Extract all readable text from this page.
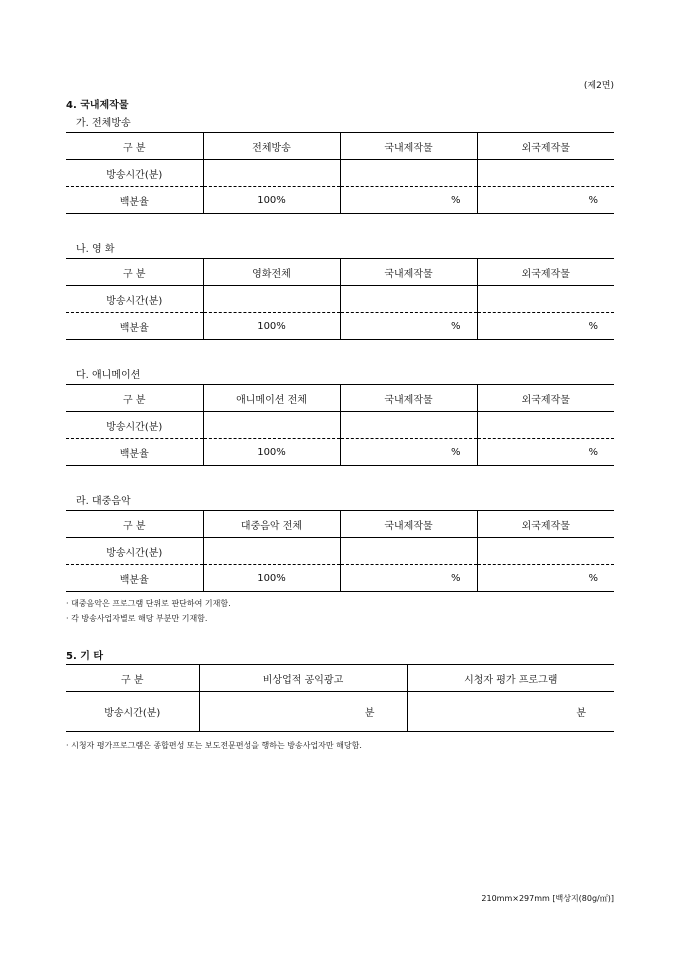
(제2면)
4. 국내제작물
가. 전체방송
구 분	전체방송	국내제작물	외국제작물
방송시간(분)			
백분율	100%	%	%
나. 영 화
구 분	영화전체	국내제작물	외국제작물
방송시간(분)			
백분율	100%	%	%
다. 애니메이션
구 분	애니메이션 전체	국내제작물	외국제작물
방송시간(분)			
백분율	100%	%	%
라. 대중음악
구 분	대중음악 전체	국내제작물	외국제작물
방송시간(분)			
백분율	100%	%	%
· 대중음악은 프로그램 단위로 판단하여 기재함.
· 각 방송사업자별로 해당 부분만 기재함.
5. 기 타
구 분	비상업적 공익광고	시청자 평가 프로그램
방송시간(분)	분	분
· 시청자 평가프로그램은 종합편성 또는 보도전문편성을 행하는 방송사업자만 해당함.
210mm×297mm [백상지(80g/㎡)]
